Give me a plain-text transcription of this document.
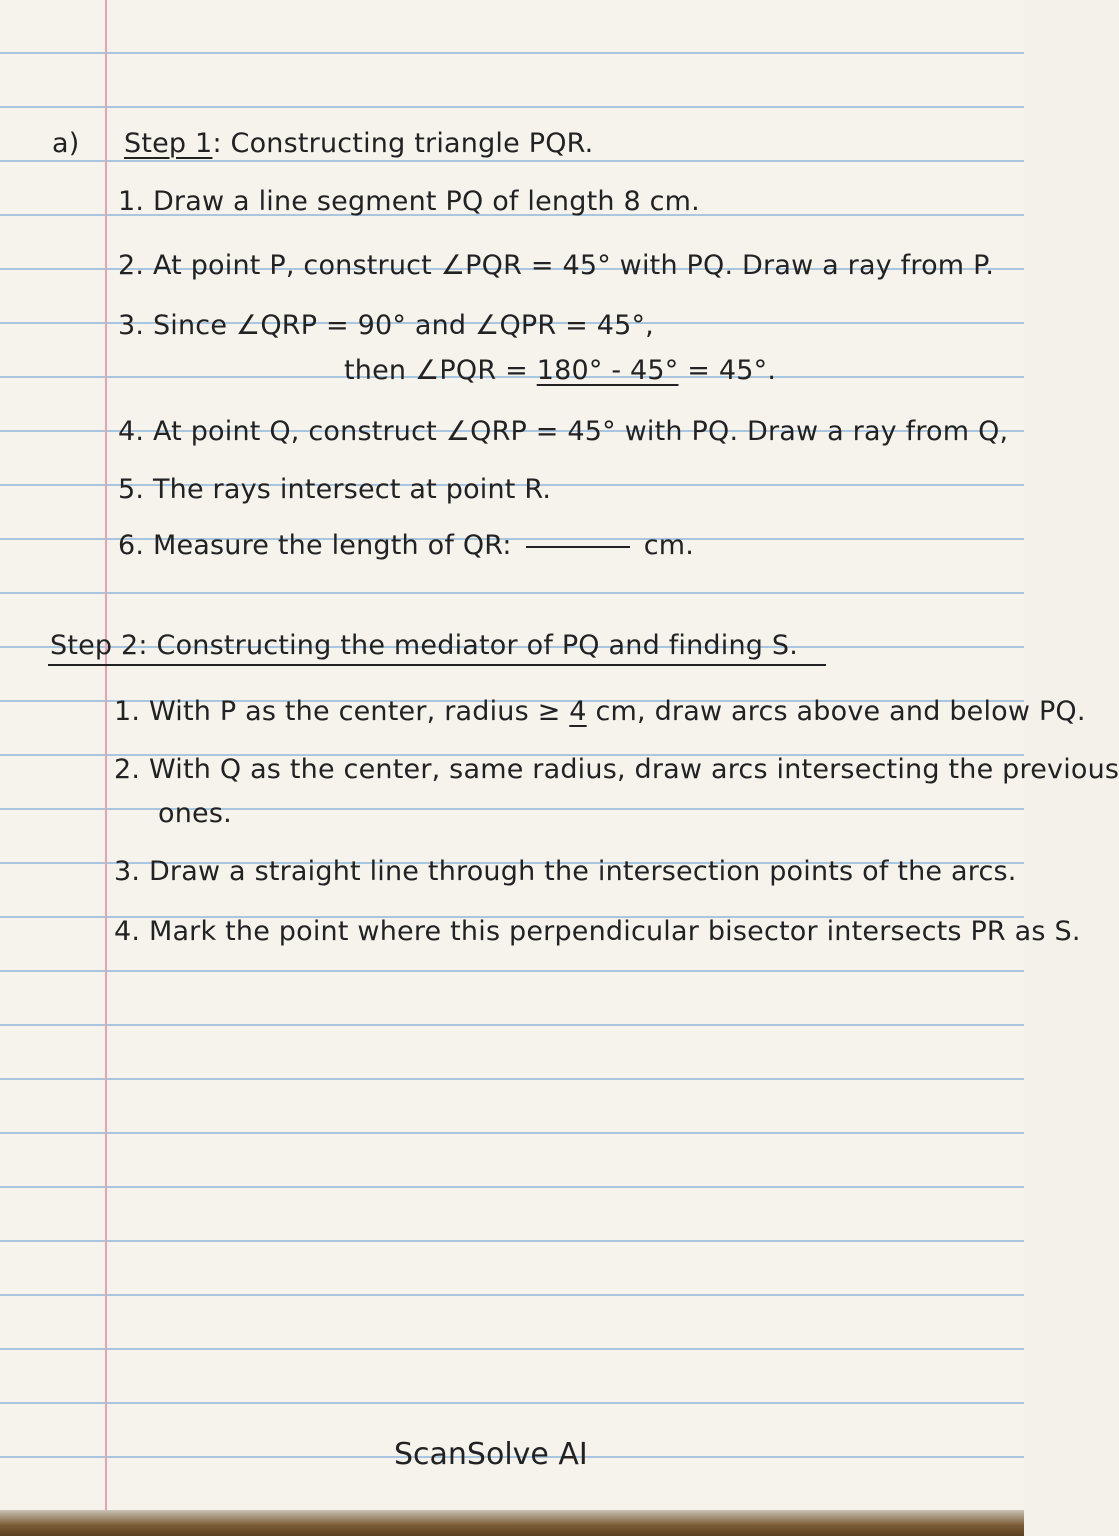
a) Step 1: Constructing triangle PQR.
1. Draw a line segment PQ of length 8 cm.
2. At point P, construct ∠PQR = 45° with PQ. Draw a ray from P.
3. Since ∠QRP = 90° and ∠QPR = 45°,
then ∠PQR = 180° - 45° = 45°.
4. At point Q, construct ∠QRP = 45° with PQ. Draw a ray from Q,
5. The rays intersect at point R.
6. Measure the length of QR:	cm.
Step 2: Constructing the mediator of PQ and finding S.
1. With P as the center, radius ≥ 4 cm, draw arcs above and below PQ.
2. With Q as the center, same radius, draw arcs intersecting the previous
ones.
3. Draw a straight line through the intersection points of the arcs.
4. Mark the point where this perpendicular bisector intersects PR as S.
ScanSolve AI
